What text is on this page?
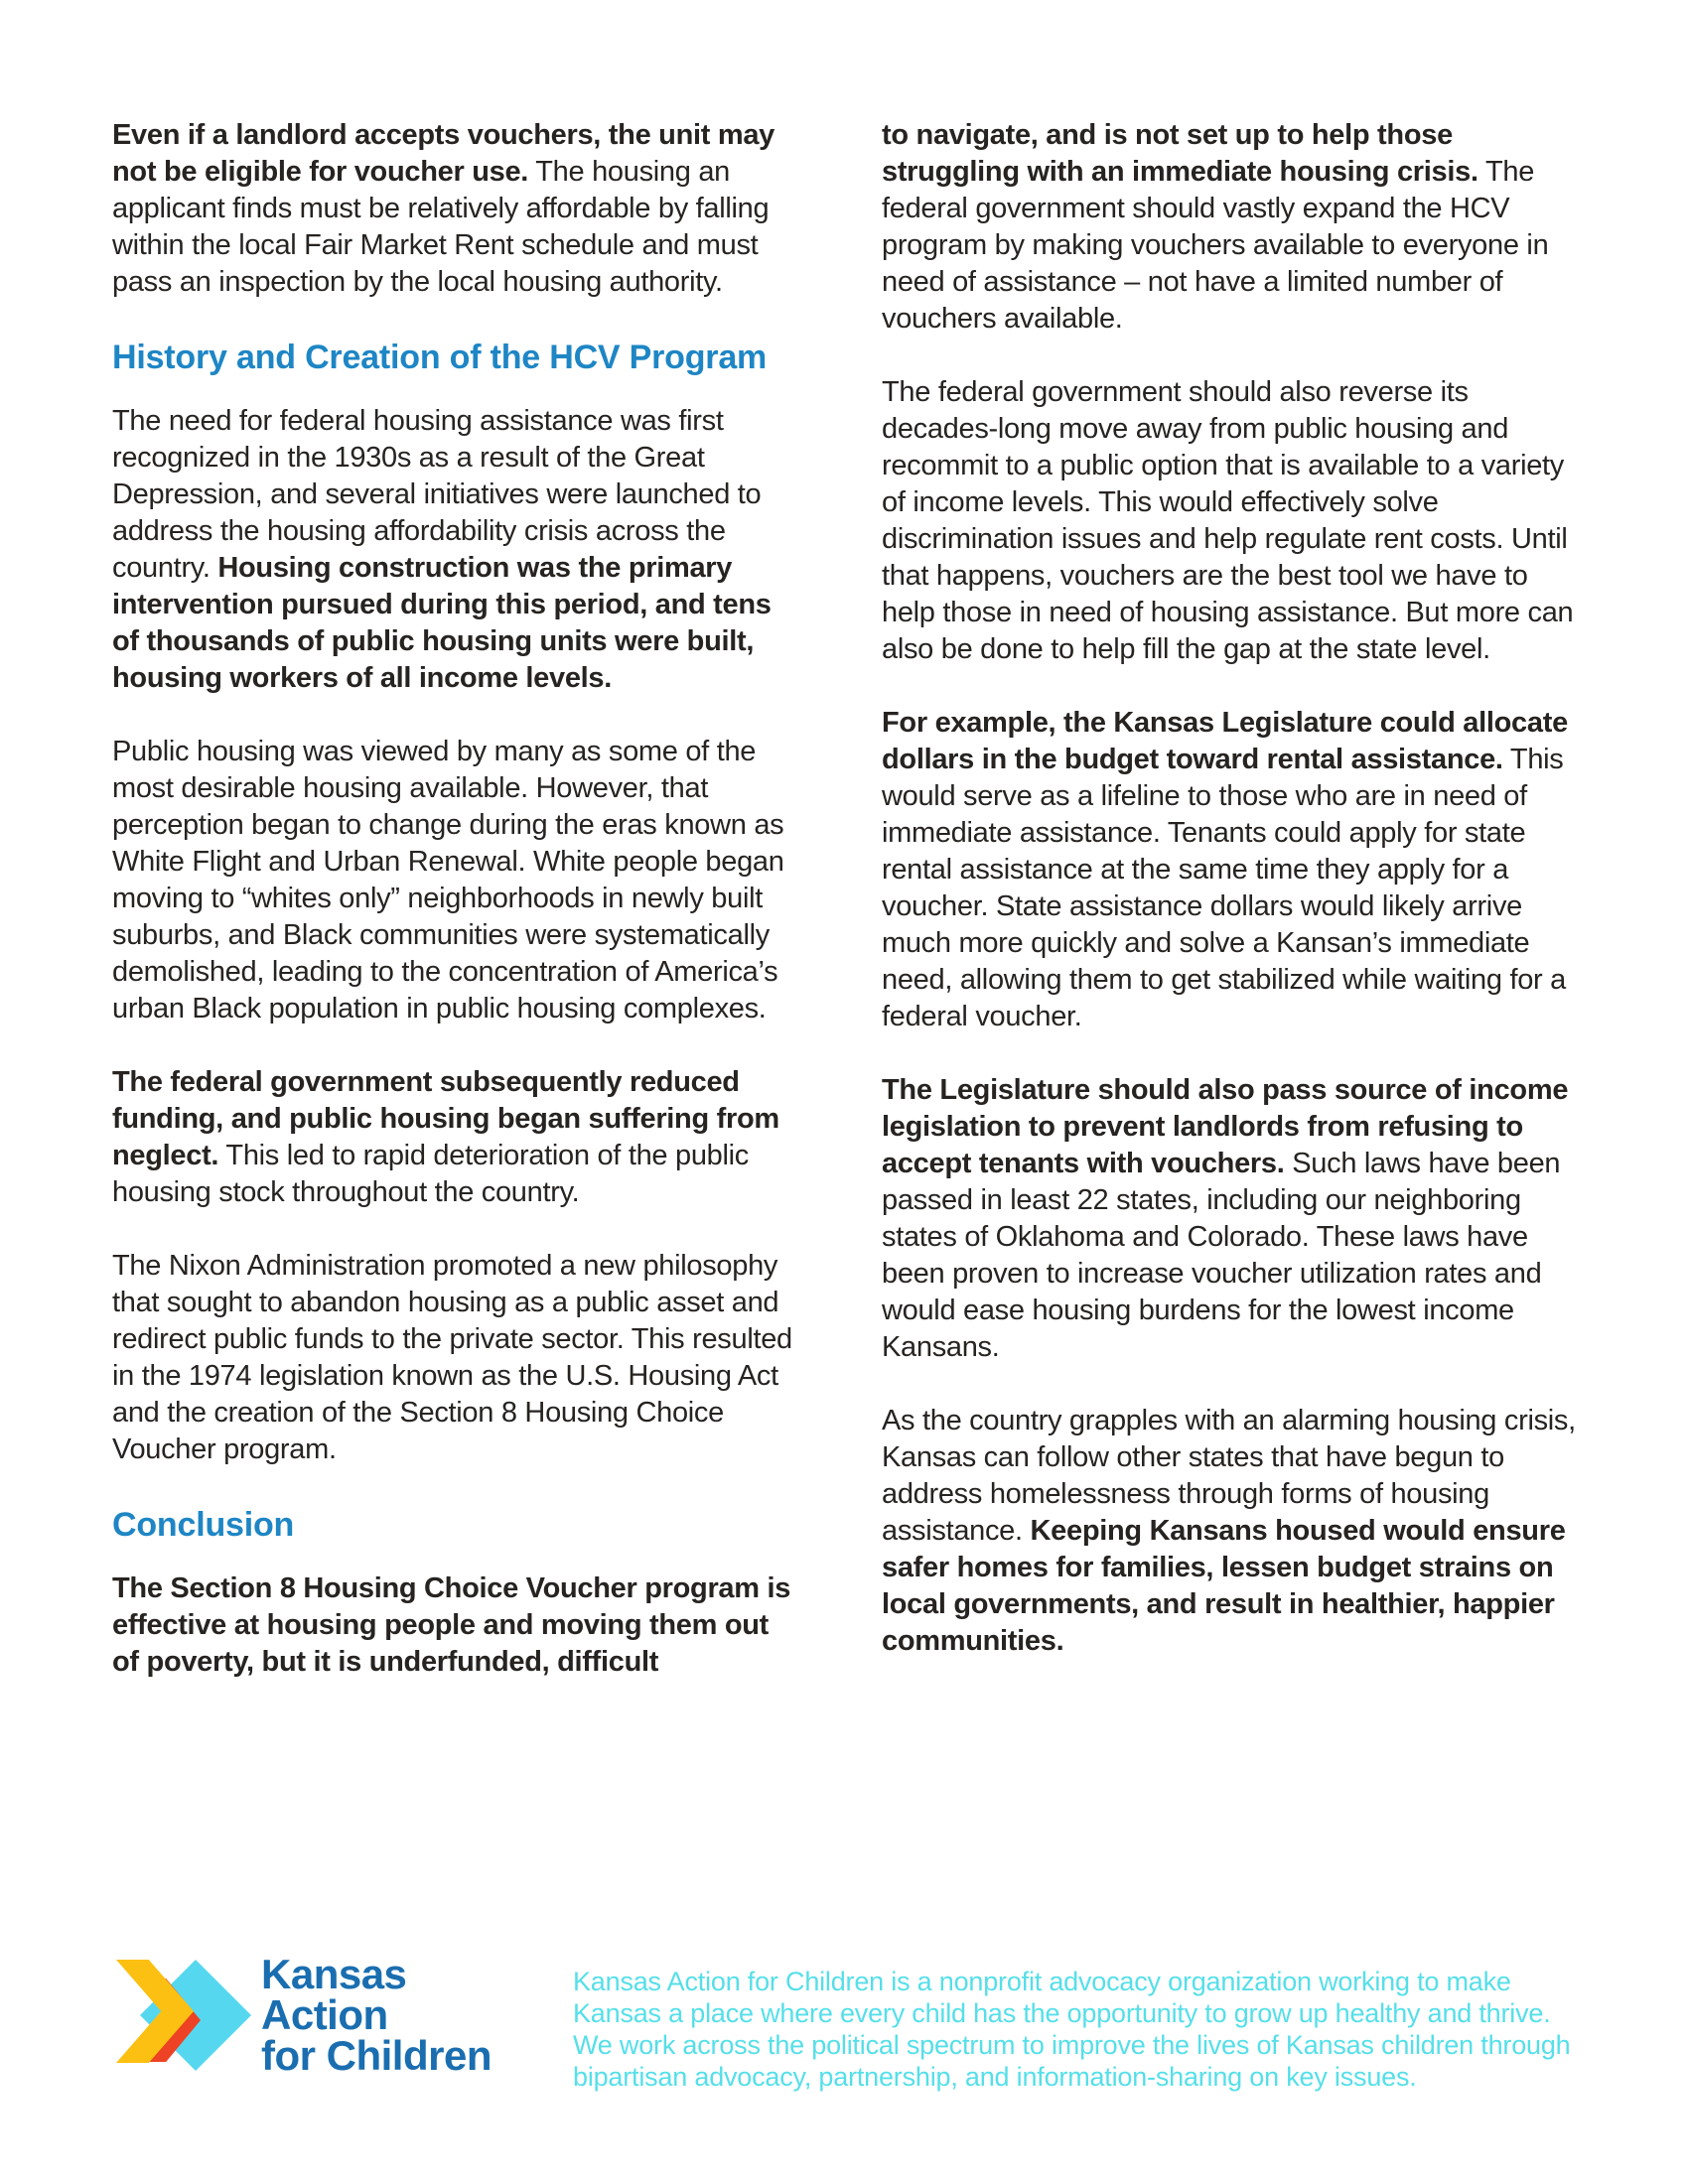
Even if a landlord accepts vouchers, the unit may not be eligible for voucher use. The housing an applicant finds must be relatively affordable by falling within the local Fair Market Rent schedule and must pass an inspection by the local housing authority.

History and Creation of the HCV Program

The need for federal housing assistance was first recognized in the 1930s as a result of the Great Depression, and several initiatives were launched to address the housing affordability crisis across the country. Housing construction was the primary intervention pursued during this period, and tens of thousands of public housing units were built, housing workers of all income levels.

Public housing was viewed by many as some of the most desirable housing available. However, that perception began to change during the eras known as White Flight and Urban Renewal. White people began moving to “whites only” neighborhoods in newly built suburbs, and Black communities were systematically demolished, leading to the concentration of America’s urban Black population in public housing complexes.

The federal government subsequently reduced funding, and public housing began suffering from neglect. This led to rapid deterioration of the public housing stock throughout the country.

The Nixon Administration promoted a new philosophy that sought to abandon housing as a public asset and redirect public funds to the private sector. This resulted in the 1974 legislation known as the U.S. Housing Act and the creation of the Section 8 Housing Choice Voucher program.

Conclusion

The Section 8 Housing Choice Voucher program is effective at housing people and moving them out of poverty, but it is underfunded, difficult

to navigate, and is not set up to help those struggling with an immediate housing crisis. The federal government should vastly expand the HCV program by making vouchers available to everyone in need of assistance – not have a limited number of vouchers available.

The federal government should also reverse its decades-long move away from public housing and recommit to a public option that is available to a variety of income levels. This would effectively solve discrimination issues and help regulate rent costs. Until that happens, vouchers are the best tool we have to help those in need of housing assistance. But more can also be done to help fill the gap at the state level.

For example, the Kansas Legislature could allocate dollars in the budget toward rental assistance. This would serve as a lifeline to those who are in need of immediate assistance. Tenants could apply for state rental assistance at the same time they apply for a voucher. State assistance dollars would likely arrive much more quickly and solve a Kansan’s immediate need, allowing them to get stabilized while waiting for a federal voucher.

The Legislature should also pass source of income legislation to prevent landlords from refusing to accept tenants with vouchers. Such laws have been passed in least 22 states, including our neighboring states of Oklahoma and Colorado. These laws have been proven to increase voucher utilization rates and would ease housing burdens for the lowest income Kansans.

As the country grapples with an alarming housing crisis, Kansas can follow other states that have begun to address homelessness through forms of housing assistance. Keeping Kansans housed would ensure safer homes for families, lessen budget strains on local governments, and result in healthier, happier communities.

Kansas
Action
for Children

Kansas Action for Children is a nonprofit advocacy organization working to make Kansas a place where every child has the opportunity to grow up healthy and thrive. We work across the political spectrum to improve the lives of Kansas children through bipartisan advocacy, partnership, and information-sharing on key issues.
